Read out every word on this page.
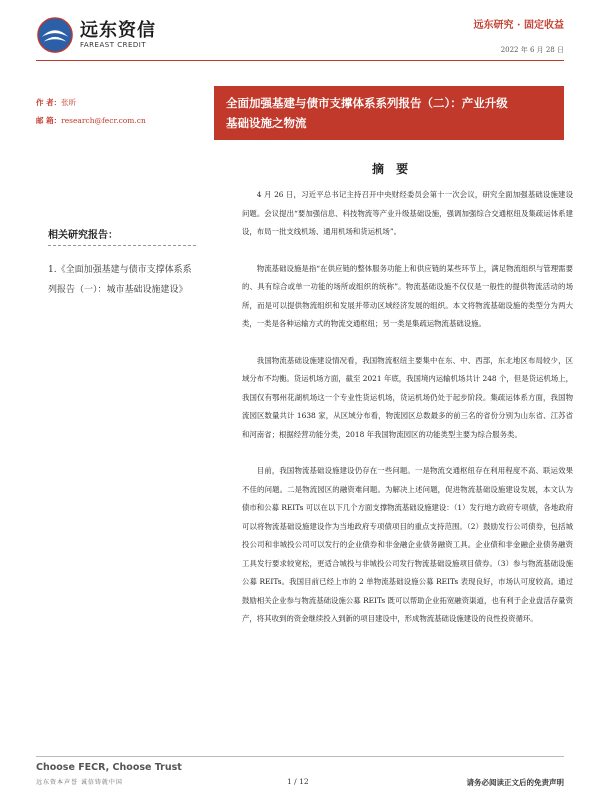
远东资信
FAREAST CREDIT
远东研究 · 固定收益
2022 年 6 月 28 日
作 者：张昕
邮 箱：research@fecr.com.cn
全面加强基建与债市支撑体系系列报告（二）：产业升级
基础设施之物流
相关研究报告：
1.《全面加强基建与债市支撑体系系列报告（一）：城市基础设施建设》
摘 要

4 月 26 日，习近平总书记主持召开中央财经委员会第十一次会议，研究全面加强基础设施建设问题。会议提出“要加强信息、科技物流等产业升级基础设施，强调加强综合交通枢纽及集疏运体系建设，布局一批支线机场、通用机场和货运机场”。

物流基础设施是指“在供应链的整体服务功能上和供应链的某些环节上，满足物流组织与管理需要的、具有综合或单一功能的场所或组织的统称”。物流基础设施不仅仅是一般性的提供物流活动的场所，而是可以提供物流组织和发展并带动区域经济发展的组织。本文将物流基础设施的类型分为两大类，一类是各种运输方式的物流交通枢纽；另一类是集疏运物流基础设施。

我国物流基础设施建设情况看，我国物流枢纽主要集中在东、中、西部，东北地区布局较少，区域分布不均衡。货运机场方面，截至 2021 年底，我国境内运输机场共计 248 个，但是货运机场上，我国仅有鄂州花湖机场这一个专业性货运机场，货运机场仍处于起步阶段。集疏运体系方面，我国物流园区数量共计 1638 家，从区域分布看，物流园区总数最多的前三名的省份分别为山东省、江苏省和河南省；根据经营功能分类，2018 年我国物流园区的功能类型主要为综合服务类。

目前，我国物流基础设施建设仍存在一些问题。一是物流交通枢纽存在利用程度不高、联运效果不佳的问题。二是物流园区的融资难问题。为解决上述问题，促进物流基础设施建设发展，本文认为债市和公募 REITs 可以在以下几个方面支撑物流基础设施建设：（1）发行地方政府专项债，各地政府可以将物流基础设施建设作为当地政府专项债项目的重点支持范围。（2）鼓励发行公司债券，包括城投公司和非城投公司可以发行的企业债券和非金融企业债务融资工具。企业债和非金融企业债务融资工具发行要求较宽松，更适合城投与非城投公司发行物流基础设施项目债券。（3）参与物流基础设施公募 REITs。我国目前已经上市的 2 单物流基础设施公募 REITs 表现良好，市场认可度较高。通过鼓励相关企业参与物流基础设施公募 REITs 既可以帮助企业拓宽融资渠道，也有利于企业盘活存量资产，将其收到的资金继续投入到新的项目建设中，形成物流基础设施建设的良性投资循环。

Choose FECR, Choose Trust
远东资本声誉 诚信铸就中国	1 / 12	请务必阅读正文后的免责声明
